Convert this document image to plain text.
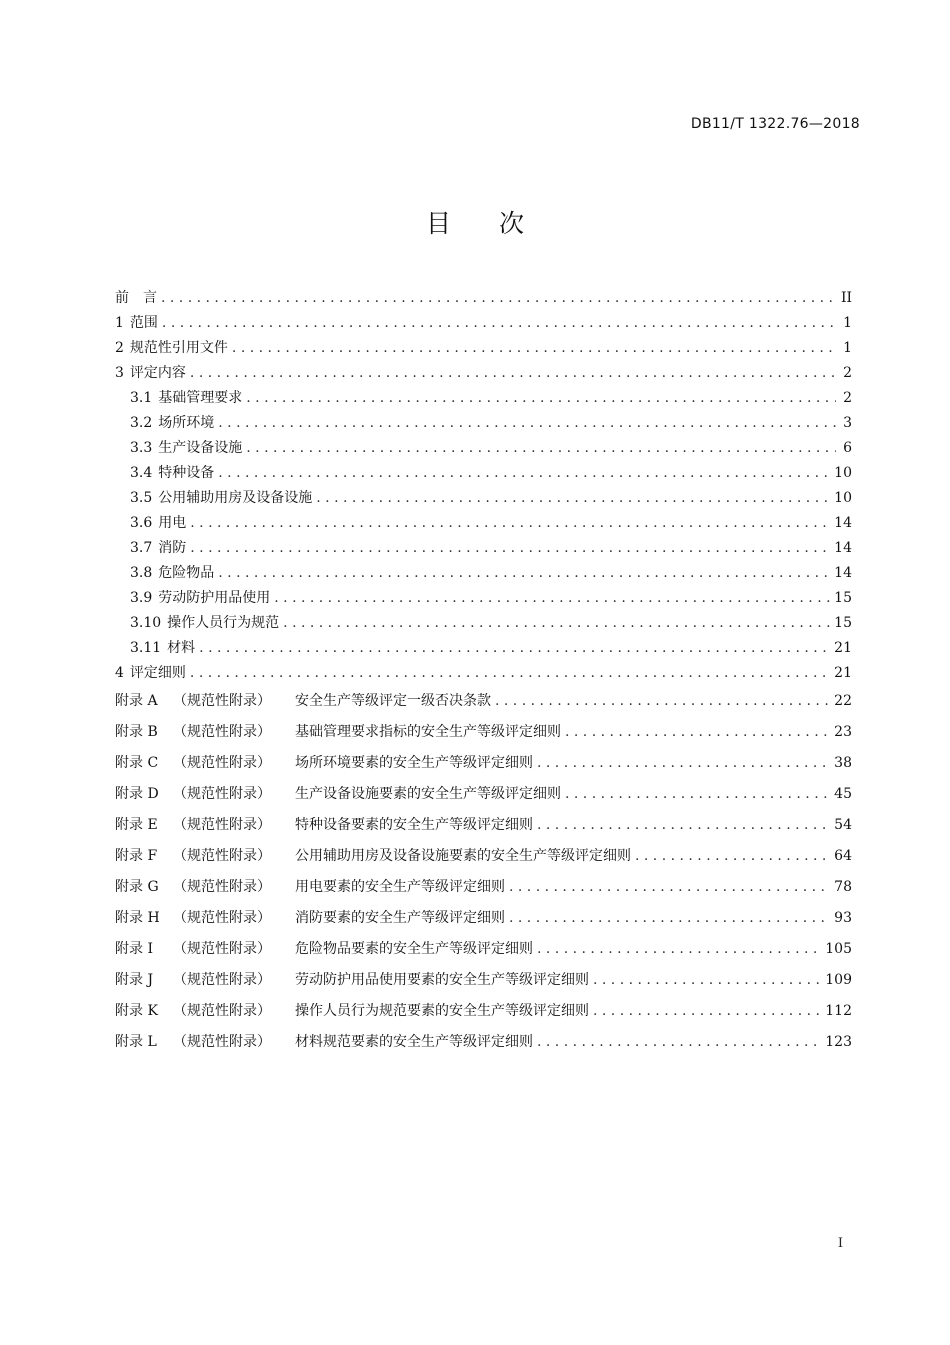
DB11/T 1322.76—2018
目 次
前　言 . . .	II
1 范围 . . .	1
2 规范性引用文件 . . .	1
3 评定内容 . . .	2
3.1 基础管理要求 . . .	2
3.2 场所环境 . . .	3
3.3 生产设备设施 . . .	6
3.4 特种设备 . . .	10
3.5 公用辅助用房及设备设施 . . .	10
3.6 用电 . . .	14
3.7 消防 . . .	14
3.8 危险物品 . . .	14
3.9 劳动防护用品使用 . . .	15
3.10 操作人员行为规范 . . .	15
3.11 材料 . . .	21
4 评定细则 . . .	21
附录 A	（规范性附录）	安全生产等级评定一级否决条款 . . .	22
附录 B	（规范性附录）	基础管理要求指标的安全生产等级评定细则 . . .	23
附录 C	（规范性附录）	场所环境要素的安全生产等级评定细则 . . .	38
附录 D	（规范性附录）	生产设备设施要素的安全生产等级评定细则 . . .	45
附录 E	（规范性附录）	特种设备要素的安全生产等级评定细则 . . .	54
附录 F	（规范性附录）	公用辅助用房及设备设施要素的安全生产等级评定细则 . . .	64
附录 G	（规范性附录）	用电要素的安全生产等级评定细则 . . .	78
附录 H （规范性附录）	消防要素的安全生产等级评定细则 . . .	93
附录 I	（规范性附录）	危险物品要素的安全生产等级评定细则 . . .	105
附录 J	（规范性附录）	劳动防护用品使用要素的安全生产等级评定细则 . . .	109
附录 K	（规范性附录）	操作人员行为规范要素的安全生产等级评定细则 . . .	112
附录 L	（规范性附录）	材料规范要素的安全生产等级评定细则 . . .	123
I
